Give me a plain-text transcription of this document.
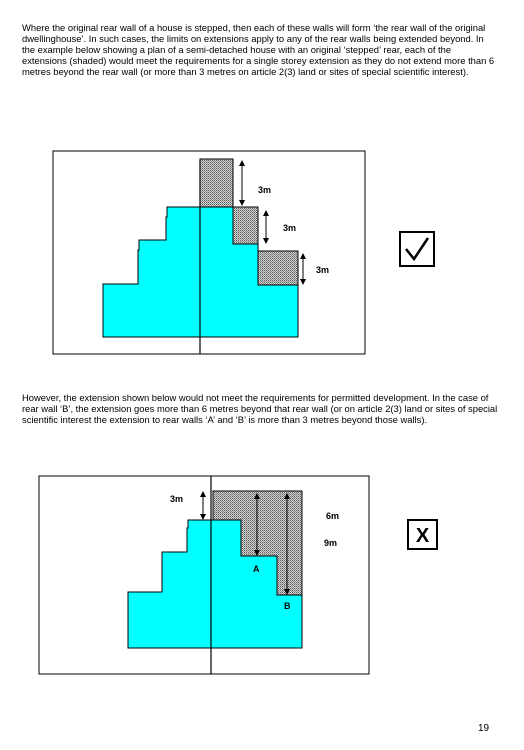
Where the original rear wall of a house is stepped, then each of these walls will form ‘the rear wall of the original dwellinghouse’. In such cases, the limits on extensions apply to any of the rear walls being extended beyond. In the example below showing a plan of a semi-detached house with an original ‘stepped’ rear, each of the extensions (shaded) would meet the requirements for a single storey extension as they do not extend more than 6 metres beyond the rear wall (or more than 3 metres on article 2(3) land or sites of special scientific interest).

3m
3m
3m
3m
6m
9m
A
B
X

However, the extension shown below would not meet the requirements for permitted development. In the case of rear wall ‘B’, the extension goes more than 6 metres beyond that rear wall (or on article 2(3) land or sites of special scientific interest the extension to rear walls ‘A’ and ‘B’ is more than 3 metres beyond those walls).

19
